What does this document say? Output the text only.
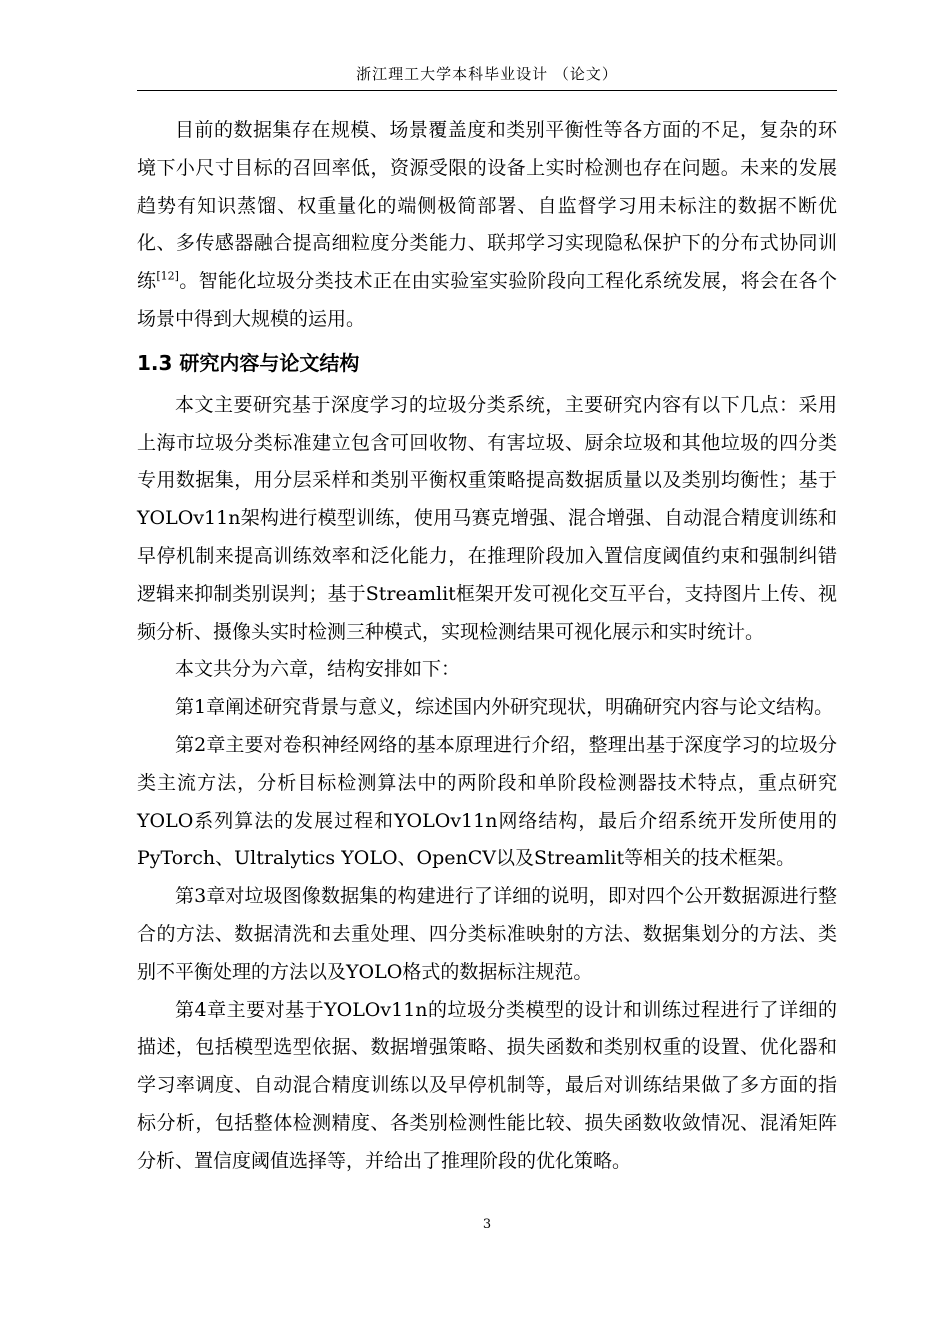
浙江理工大学本科毕业设计 （论文）

目前的数据集存在规模、场景覆盖度和类别平衡性等各方面的不足，复杂的环境下小尺寸目标的召回率低，资源受限的设备上实时检测也存在问题。未来的发展趋势有知识蒸馏、权重量化的端侧极简部署、自监督学习用未标注的数据不断优化、多传感器融合提高细粒度分类能力、联邦学习实现隐私保护下的分布式协同训练[12]。智能化垃圾分类技术正在由实验室实验阶段向工程化系统发展，将会在各个场景中得到大规模的运用。

1.3 研究内容与论文结构

本文主要研究基于深度学习的垃圾分类系统，主要研究内容有以下几点：采用上海市垃圾分类标准建立包含可回收物、有害垃圾、厨余垃圾和其他垃圾的四分类专用数据集，用分层采样和类别平衡权重策略提高数据质量以及类别均衡性；基于YOLOv11n架构进行模型训练，使用马赛克增强、混合增强、自动混合精度训练和早停机制来提高训练效率和泛化能力，在推理阶段加入置信度阈值约束和强制纠错逻辑来抑制类别误判；基于Streamlit框架开发可视化交互平台，支持图片上传、视频分析、摄像头实时检测三种模式，实现检测结果可视化展示和实时统计。

本文共分为六章，结构安排如下：

第1章阐述研究背景与意义，综述国内外研究现状，明确研究内容与论文结构。

第2章主要对卷积神经网络的基本原理进行介绍，整理出基于深度学习的垃圾分类主流方法，分析目标检测算法中的两阶段和单阶段检测器技术特点，重点研究YOLO系列算法的发展过程和YOLOv11n网络结构，最后介绍系统开发所使用的PyTorch、Ultralytics YOLO、OpenCV以及Streamlit等相关的技术框架。

第3章对垃圾图像数据集的构建进行了详细的说明，即对四个公开数据源进行整合的方法、数据清洗和去重处理、四分类标准映射的方法、数据集划分的方法、类别不平衡处理的方法以及YOLO格式的数据标注规范。

第4章主要对基于YOLOv11n的垃圾分类模型的设计和训练过程进行了详细的描述，包括模型选型依据、数据增强策略、损失函数和类别权重的设置、优化器和学习率调度、自动混合精度训练以及早停机制等，最后对训练结果做了多方面的指标分析，包括整体检测精度、各类别检测性能比较、损失函数收敛情况、混淆矩阵分析、置信度阈值选择等，并给出了推理阶段的优化策略。

3
